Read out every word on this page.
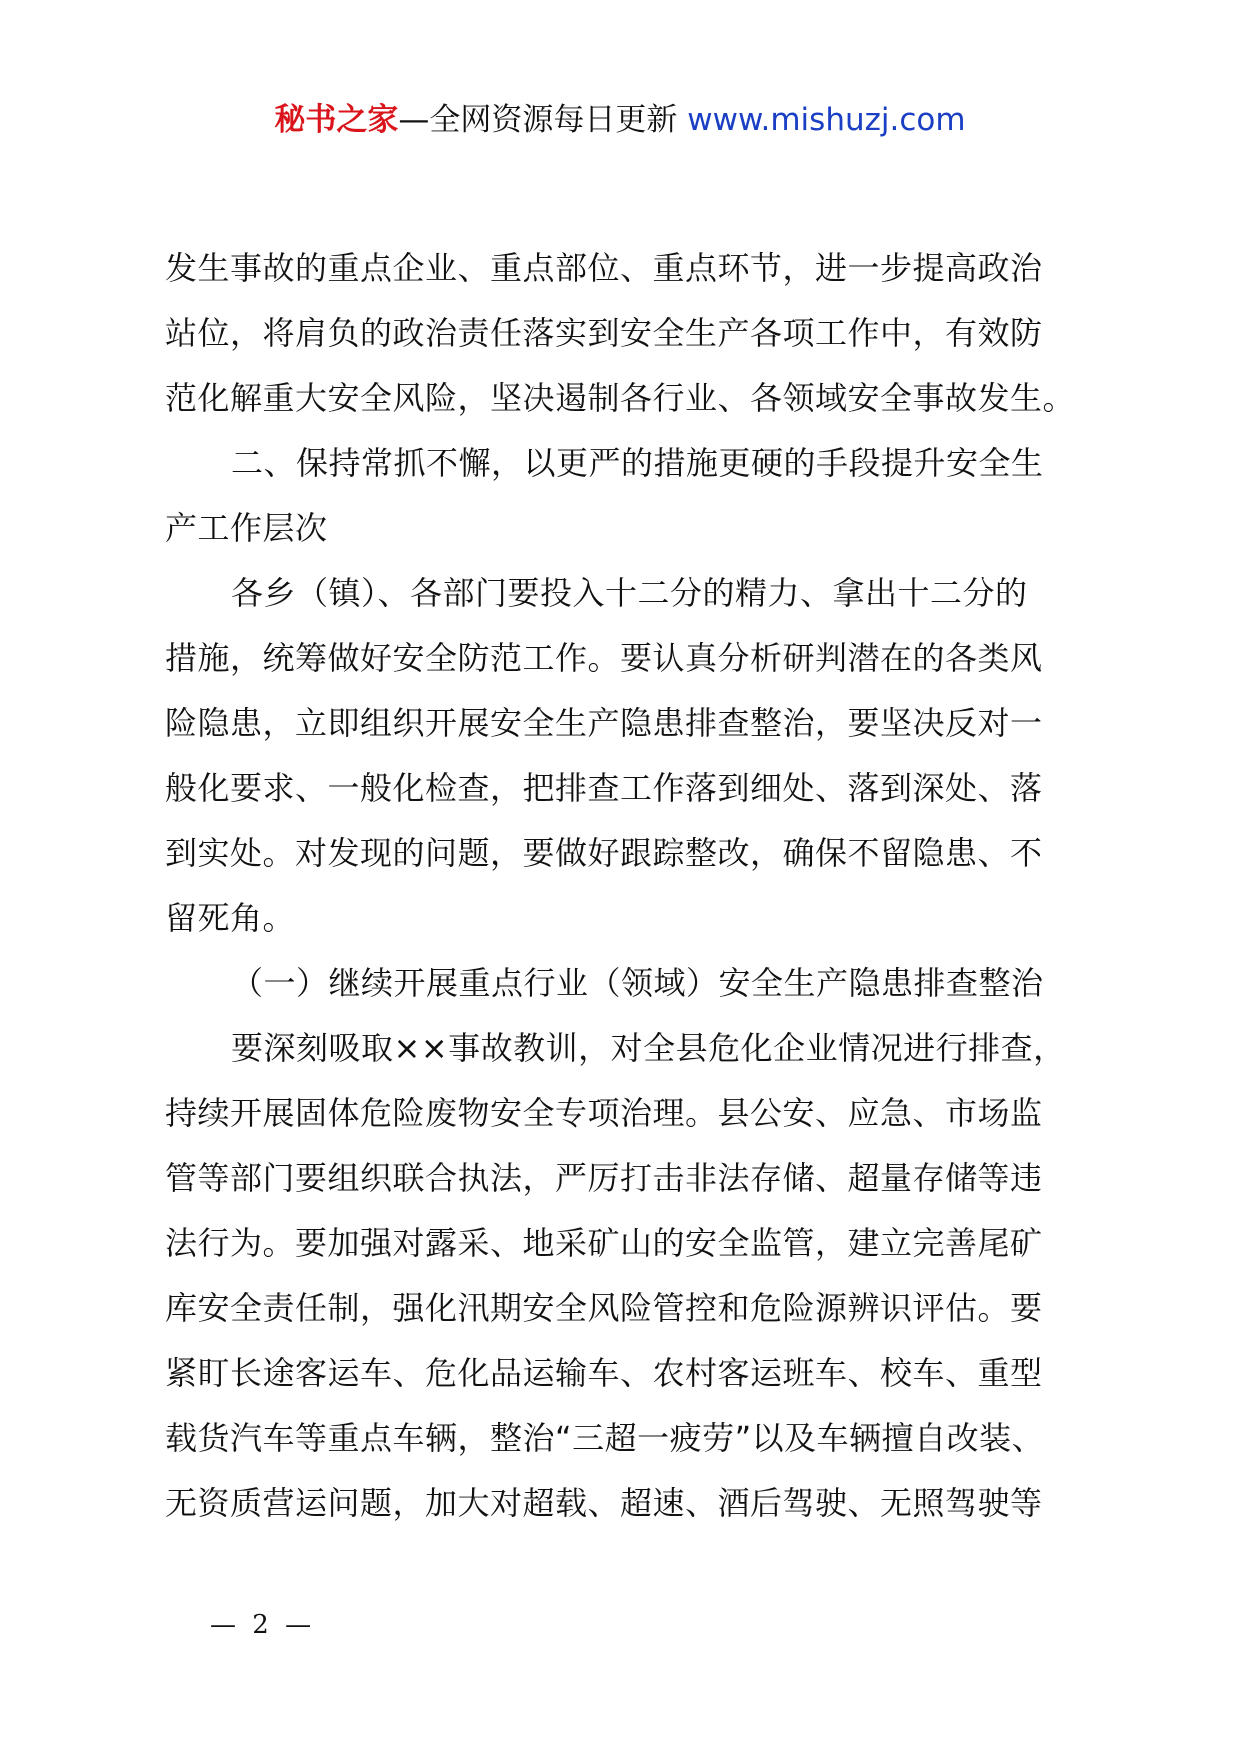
秘书之家—全网资源每日更新 www.mishuzj.com
发生事故的重点企业、重点部位、重点环节，进一步提高政治
站位，将肩负的政治责任落实到安全生产各项工作中，有效防
范化解重大安全风险，坚决遏制各行业、各领域安全事故发生。
二、保持常抓不懈，以更严的措施更硬的手段提升安全生
产工作层次
各乡（镇）、各部门要投入十二分的精力、拿出十二分的
措施，统筹做好安全防范工作。要认真分析研判潜在的各类风
险隐患，立即组织开展安全生产隐患排查整治，要坚决反对一
般化要求、一般化检查，把排查工作落到细处、落到深处、落
到实处。对发现的问题，要做好跟踪整改，确保不留隐患、不
留死角。
（一）继续开展重点行业（领域）安全生产隐患排查整治
要深刻吸取××事故教训，对全县危化企业情况进行排查，
持续开展固体危险废物安全专项治理。县公安、应急、市场监
管等部门要组织联合执法，严厉打击非法存储、超量存储等违
法行为。要加强对露采、地采矿山的安全监管，建立完善尾矿
库安全责任制，强化汛期安全风险管控和危险源辨识评估。要
紧盯长途客运车、危化品运输车、农村客运班车、校车、重型
载货汽车等重点车辆，整治“三超一疲劳”以及车辆擅自改装、
无资质营运问题，加大对超载、超速、酒后驾驶、无照驾驶等
— 2 —
